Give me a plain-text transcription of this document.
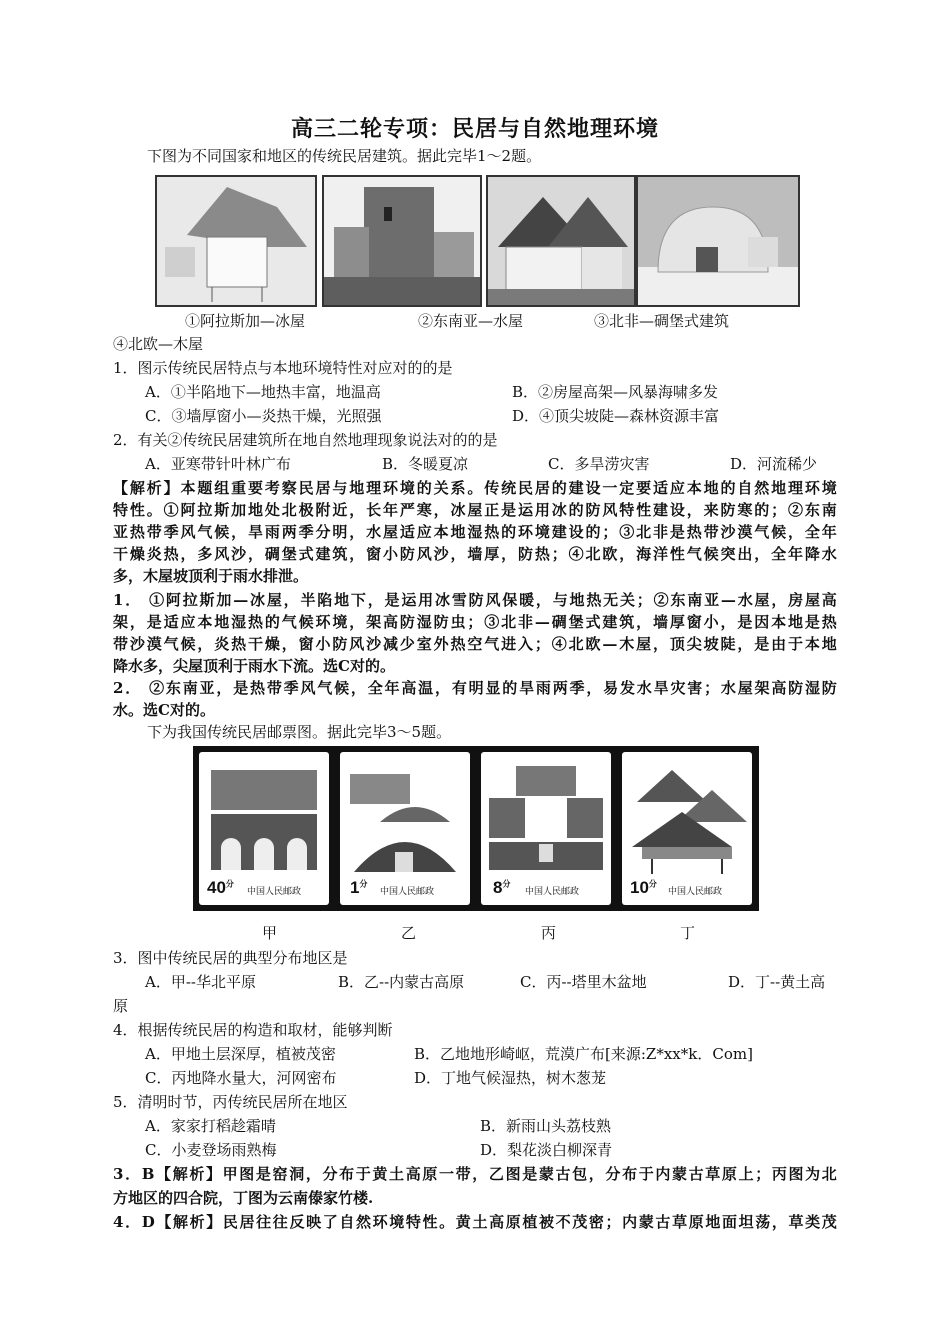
高三二轮专项：民居与自然地理环境
下图为不同国家和地区的传统民居建筑。据此完毕1～2题。
①阿拉斯加—冰屋	②东南亚—水屋	③北非—碉堡式建筑
④北欧—木屋
1．图示传统民居特点与本地环境特性对应对的的是
A．①半陷地下—地热丰富，地温高	B．②房屋高架—风暴海啸多发
C．③墙厚窗小—炎热干燥，光照强	D．④顶尖坡陡—森林资源丰富
2．有关②传统民居建筑所在地自然地理现象说法对的的是
A．亚寒带针叶林广布	B．冬暖夏凉	C．多旱涝灾害	D．河流稀少
【解析】本题组重要考察民居与地理环境的关系。传统民居的建设一定要适应本地的自然地理环境
特性。①阿拉斯加地处北极附近，长年严寒，冰屋正是运用冰的防风特性建设，来防寒的；②东南
亚热带季风气候，旱雨两季分明，水屋适应本地湿热的环境建设的；③北非是热带沙漠气候，全年
干燥炎热，多风沙，碉堡式建筑，窗小防风沙，墙厚，防热；④北欧，海洋性气候突出，全年降水
多，木屋坡顶利于雨水排泄。
1． ①阿拉斯加—冰屋，半陷地下，是运用冰雪防风保暖，与地热无关；②东南亚—水屋，房屋高
架，是适应本地湿热的气候环境，架高防湿防虫；③北非—碉堡式建筑，墙厚窗小，是因本地是热
带沙漠气候，炎热干燥，窗小防风沙减少室外热空气进入；④北欧—木屋，顶尖坡陡，是由于本地
降水多，尖屋顶利于雨水下流。选C对的。
2． ②东南亚，是热带季风气候，全年高温，有明显的旱雨两季，易发水旱灾害；水屋架高防湿防
水。选C对的。
下为我国传统民居邮票图。据此完毕3～5题。
$40^分$
中国人民邮政	$1^分$
中国人民邮政	$8^分$
中国人民邮政	$10^分$
中国人民邮政
甲	乙	丙	丁
3．图中传统民居的典型分布地区是
A．甲--华北平原	B．乙--内蒙古高原	C．丙--塔里木盆地	D．丁--黄土高
原
4．根据传统民居的构造和取材，能够判断
A．甲地土层深厚，植被茂密	B．乙地地形崎岖，荒漠广布[来源:Z*xx*k．Com]
C．丙地降水量大，河网密布	D．丁地气候湿热，树木葱茏
5．清明时节，丙传统民居所在地区
A．家家打稻趁霜晴	B．新雨山头荔枝熟
C．小麦登场雨熟梅	D．梨花淡白柳深青
3．B【解析】甲图是窑洞，分布于黄土高原一带，乙图是蒙古包，分布于内蒙古草原上；丙图为北
方地区的四合院，丁图为云南傣家竹楼.
4．D【解析】民居往往反映了自然环境特性。黄土高原植被不茂密；内蒙古草原地面坦荡，草类茂
